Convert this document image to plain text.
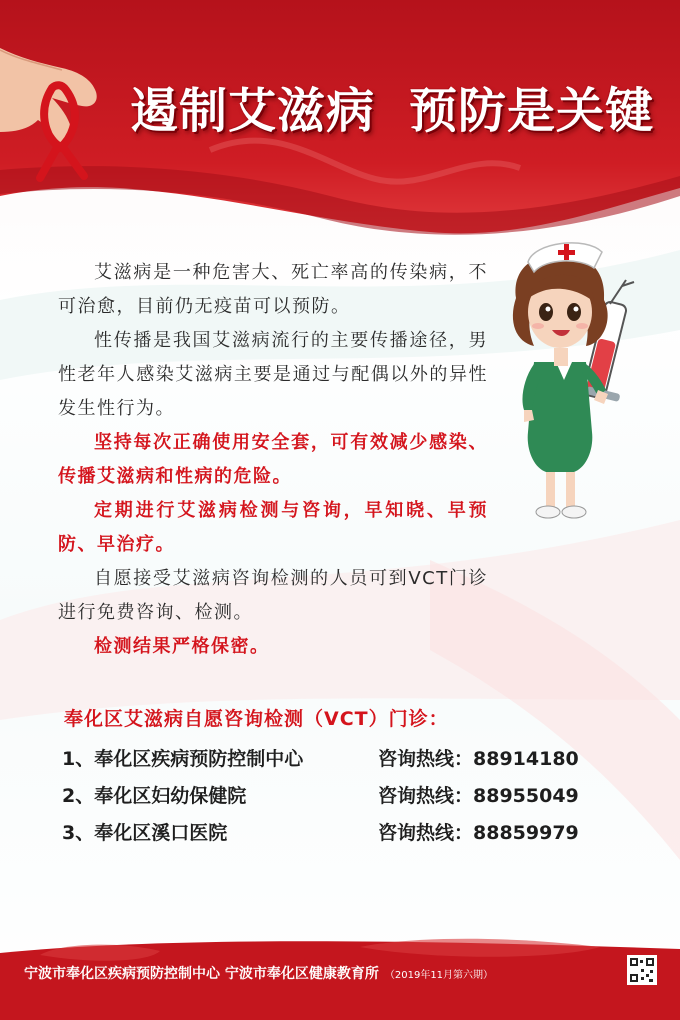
遏制艾滋病 预防是关键

艾滋病是一种危害大、死亡率高的传染病，不可治愈，目前仍无疫苗可以预防。

性传播是我国艾滋病流行的主要传播途径，男性老年人感染艾滋病主要是通过与配偶以外的异性发生性行为。

坚持每次正确使用安全套，可有效减少感染、传播艾滋病和性病的危险。

定期进行艾滋病检测与咨询，早知晓、早预防、早治疗。

自愿接受艾滋病咨询检测的人员可到VCT门诊进行免费咨询、检测。

检测结果严格保密。

奉化区艾滋病自愿咨询检测（VCT）门诊：
1、奉化区疾病预防控制中心	咨询热线：88914180
2、奉化区妇幼保健院	咨询热线：88955049
3、奉化区溪口医院	咨询热线：88859979
宁波市奉化区疾病预防控制中心 宁波市奉化区健康教育所 （2019年11月第六期）
